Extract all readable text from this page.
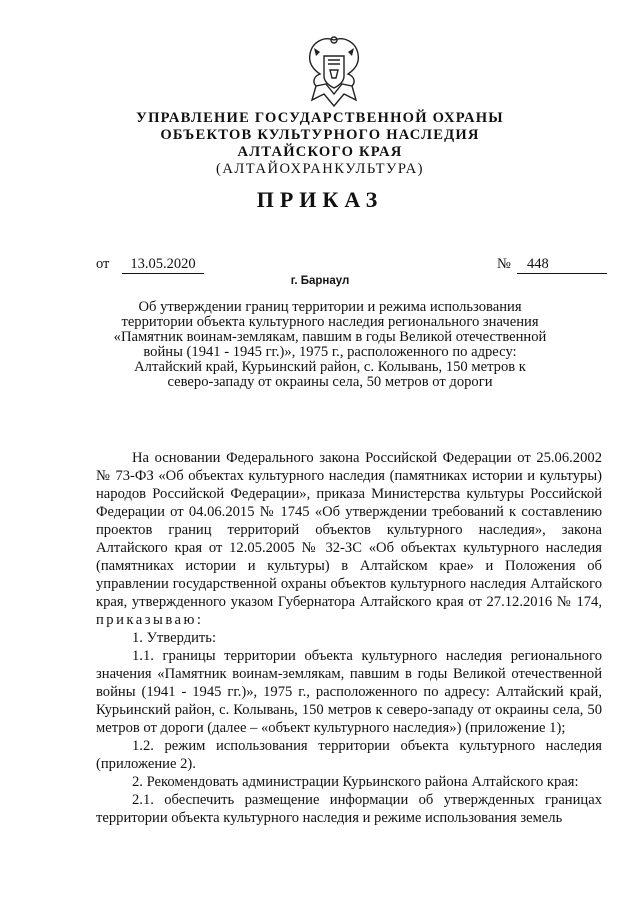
УПРАВЛЕНИЕ ГОСУДАРСТВЕННОЙ ОХРАНЫ
ОБЪЕКТОВ КУЛЬТУРНОГО НАСЛЕДИЯ
АЛТАЙСКОГО КРАЯ
(АЛТАЙОХРАНКУЛЬТУРА)
ПРИКАЗ
от	13.05.2020	№	448
г. Барнаул
Об утверждении границ территории и режима использования территории объекта культурного наследия регионального значения «Памятник воинам-землякам, павшим в годы Великой отечественной войны (1941 - 1945 гг.)», 1975 г., расположенного по адресу: Алтайский край, Курьинский район, с. Колывань, 150 метров к северо-западу от окраины села, 50 метров от дороги

На основании Федерального закона Российской Федерации от 25.06.2002 № 73-ФЗ «Об объектах культурного наследия (памятниках истории и культуры) народов Российской Федерации», приказа Министерства культуры Российской Федерации от 04.06.2015 № 1745 «Об утверждении требований к составлению проектов границ территорий объектов культурного наследия», закона Алтайского края от 12.05.2005 № 32-ЗС «Об объектах культурного наследия (памятниках истории и культуры) в Алтайском крае» и Положения об управлении государственной охраны объектов культурного наследия Алтайского края, утвержденного указом Губернатора Алтайского края от 27.12.2016 № 174, приказываю:

1. Утвердить:

1.1. границы территории объекта культурного наследия регионального значения «Памятник воинам-землякам, павшим в годы Великой отечественной войны (1941 - 1945 гг.)», 1975 г., расположенного по адресу: Алтайский край, Курьинский район, с. Колывань, 150 метров к северо-западу от окраины села, 50 метров от дороги (далее – «объект культурного наследия») (приложение 1);

1.2. режим использования территории объекта культурного наследия (приложение 2).

2. Рекомендовать администрации Курьинского района Алтайского края:

2.1. обеспечить размещение информации об утвержденных границах территории объекта культурного наследия и режиме использования земель
